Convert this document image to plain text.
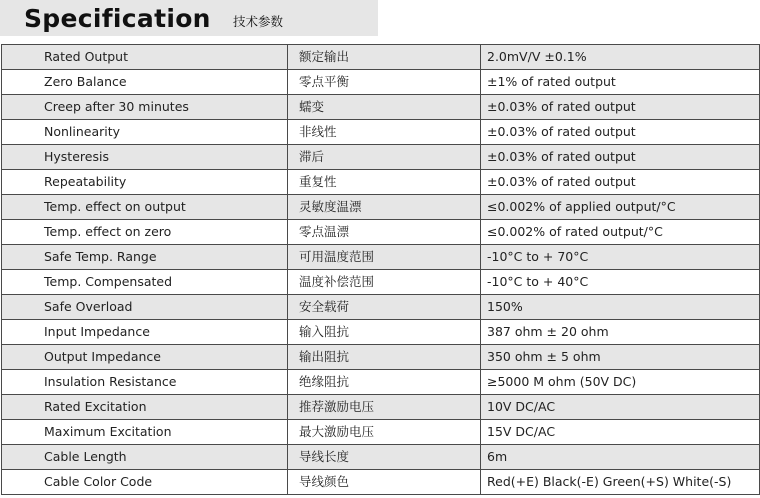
Specification 技术参数
Rated Output	额定输出	2.0mV/V ±0.1%
Zero Balance	零点平衡	±1% of rated output
Creep after 30 minutes	蠕变	±0.03% of rated output
Nonlinearity	非线性	±0.03% of rated output
Hysteresis	滞后	±0.03% of rated output
Repeatability	重复性	±0.03% of rated output
Temp. effect on output	灵敏度温漂	≤0.002% of applied output/°C
Temp. effect on zero	零点温漂	≤0.002% of rated output/°C
Safe Temp. Range	可用温度范围	-10°C to + 70°C
Temp. Compensated	温度补偿范围	-10°C to + 40°C
Safe Overload	安全载荷	150%
Input Impedance	输入阻抗	387 ohm ± 20 ohm
Output Impedance	输出阻抗	350 ohm ± 5 ohm
Insulation Resistance	绝缘阻抗	≥5000 M ohm (50V DC)
Rated Excitation	推荐激励电压	10V DC/AC
Maximum Excitation	最大激励电压	15V DC/AC
Cable Length	导线长度	6m
Cable Color Code	导线颜色	Red(+E) Black(-E) Green(+S) White(-S)
